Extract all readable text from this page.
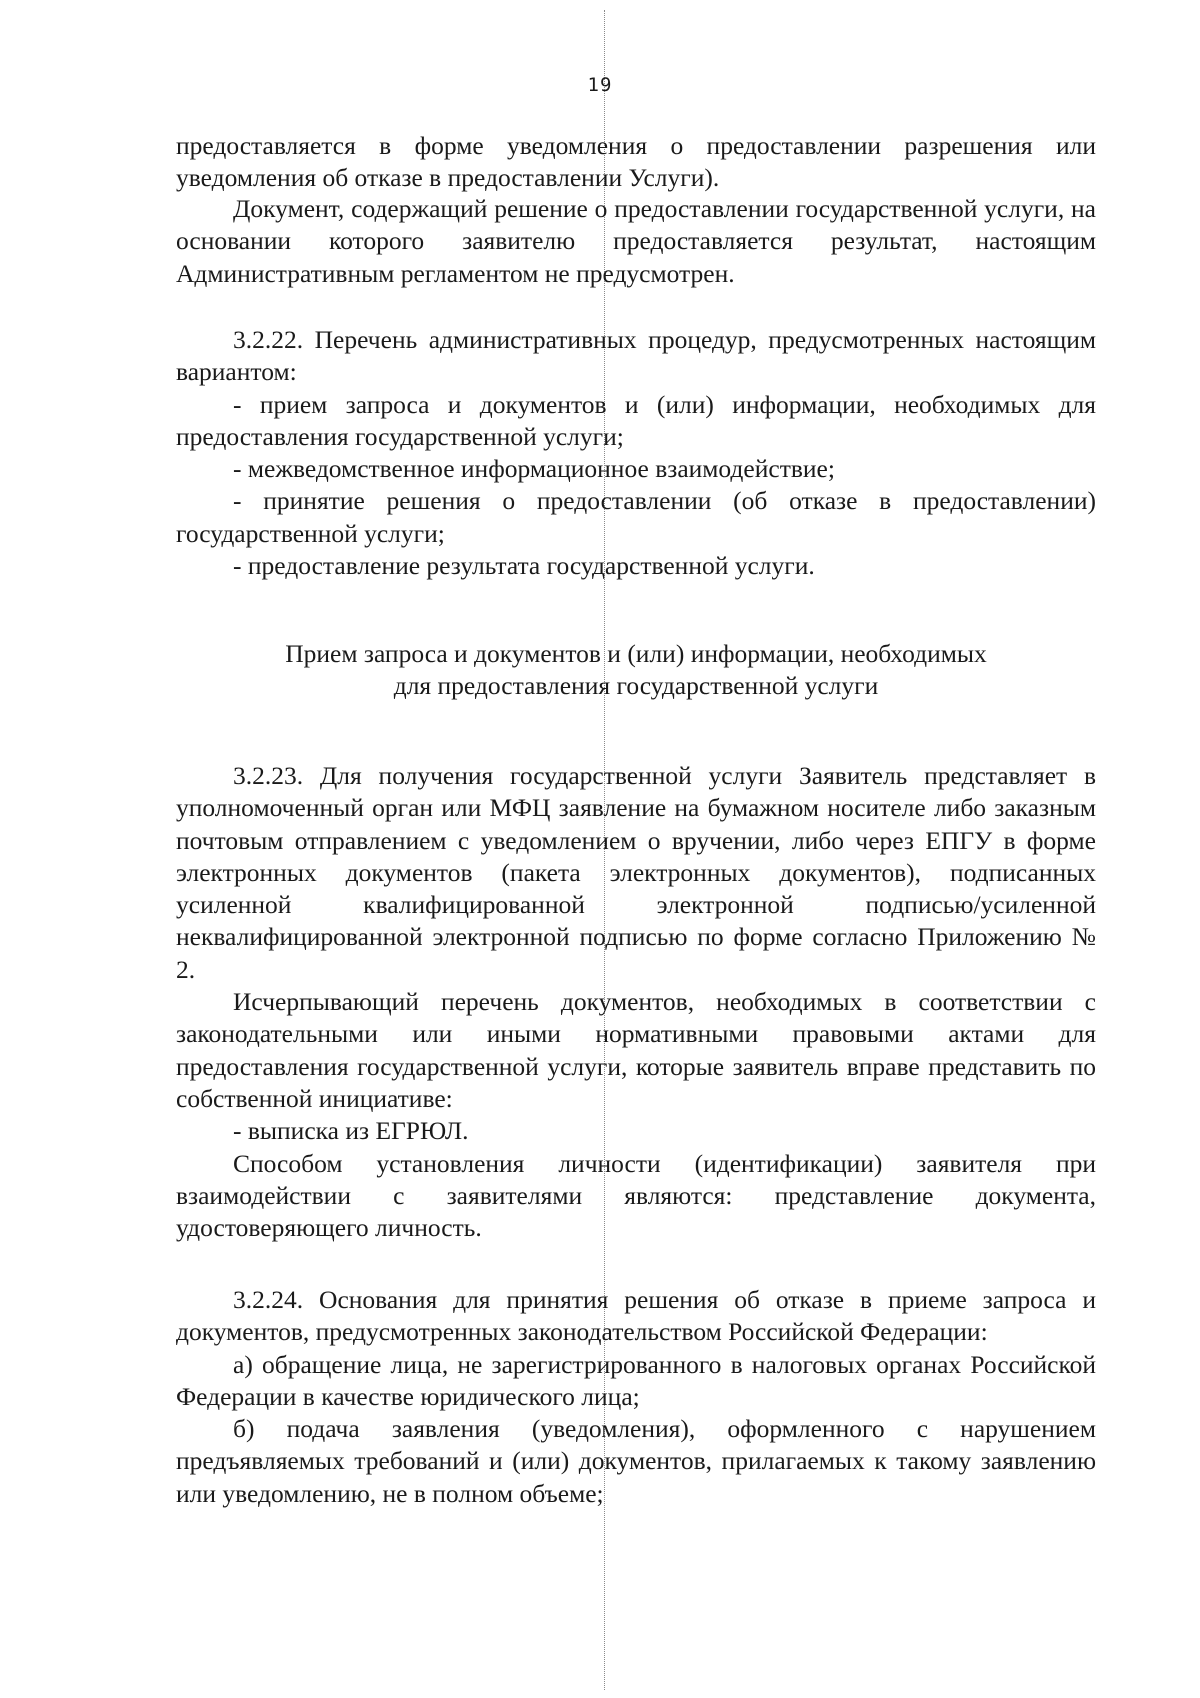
19

предоставляется в форме уведомления о предоставлении разрешения или уведомления об отказе в предоставлении Услуги).

Документ, содержащий решение о предоставлении государственной услуги, на основании которого заявителю предоставляется результат, настоящим Административным регламентом не предусмотрен.

3.2.22. Перечень административных процедур, предусмотренных настоящим вариантом:

- прием запроса и документов и (или) информации, необходимых для предоставления государственной услуги;

- межведомственное информационное взаимодействие;

- принятие решения о предоставлении (об отказе в предоставлении) государственной услуги;

- предоставление результата государственной услуги.

Прием запроса и документов и (или) информации, необходимых

для предоставления государственной услуги

3.2.23. Для получения государственной услуги Заявитель представляет в уполномоченный орган или МФЦ заявление на бумажном носителе либо заказным почтовым отправлением с уведомлением о вручении, либо через ЕПГУ в форме электронных документов (пакета электронных документов), подписанных усиленной квалифицированной электронной подписью/усиленной неквалифицированной электронной подписью по форме согласно Приложению № 2.

Исчерпывающий перечень документов, необходимых в соответствии с законодательными или иными нормативными правовыми актами для предоставления государственной услуги, которые заявитель вправе представить по собственной инициативе:

- выписка из ЕГРЮЛ.

Способом установления личности (идентификации) заявителя при взаимодействии с заявителями являются: представление документа, удостоверяющего личность.

3.2.24. Основания для принятия решения об отказе в приеме запроса и документов, предусмотренных законодательством Российской Федерации:

а) обращение лица, не зарегистрированного в налоговых органах Российской Федерации в качестве юридического лица;

б) подача заявления (уведомления), оформленного с нарушением предъявляемых требований и (или) документов, прилагаемых к такому заявлению или уведомлению, не в полном объеме;
